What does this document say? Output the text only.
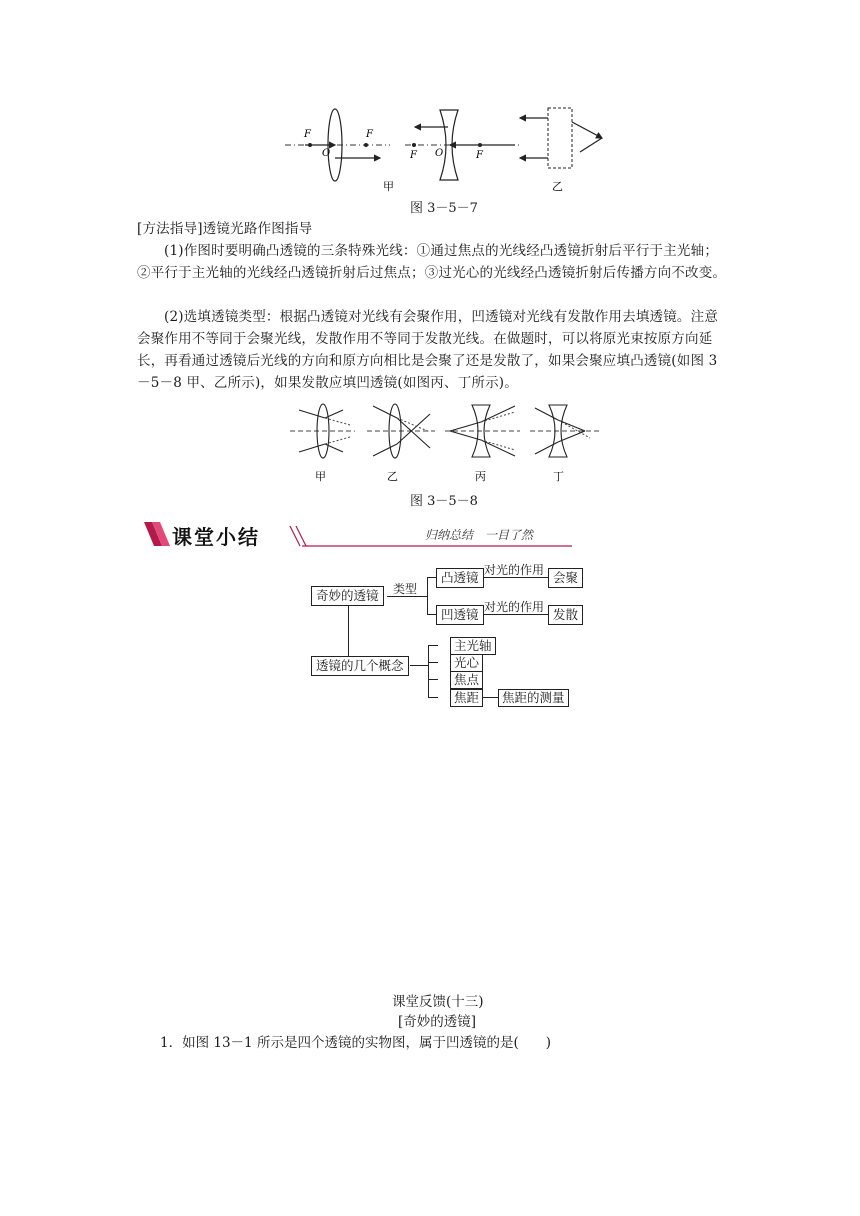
F	F
O	F	F
O
甲	乙
图 3－5－7
[方法指导]透镜光路作图指导
(1)作图时要明确凸透镜的三条特殊光线：①通过焦点的光线经凸透镜折射后平行于主光轴；②平行于主光轴的光线经凸透镜折射后过焦点；③过光心的光线经凸透镜折射后传播方向不改变。
(2)选填透镜类型：根据凸透镜对光线有会聚作用，凹透镜对光线有发散作用去填透镜。注意会聚作用不等同于会聚光线，发散作用不等同于发散光线。在做题时，可以将原光束按原方向延长，再看通过透镜后光线的方向和原方向相比是会聚了还是发散了，如果会聚应填凸透镜(如图 3－5－8 甲、乙所示)，如果发散应填凹透镜(如图丙、丁所示)。
甲	乙	丙	丁
图 3－5－8
课堂小结	归纳总结　一目了然
奇妙的透镜	类型
凸透镜 对光的作用 会聚
凹透镜 对光的作用 发散
透镜的几个概念
主光轴
光心
焦点
焦距	焦距的测量
课堂反馈(十三)
[奇妙的透镜]
1．如图 13－1 所示是四个透镜的实物图，属于凹透镜的是(　　)
